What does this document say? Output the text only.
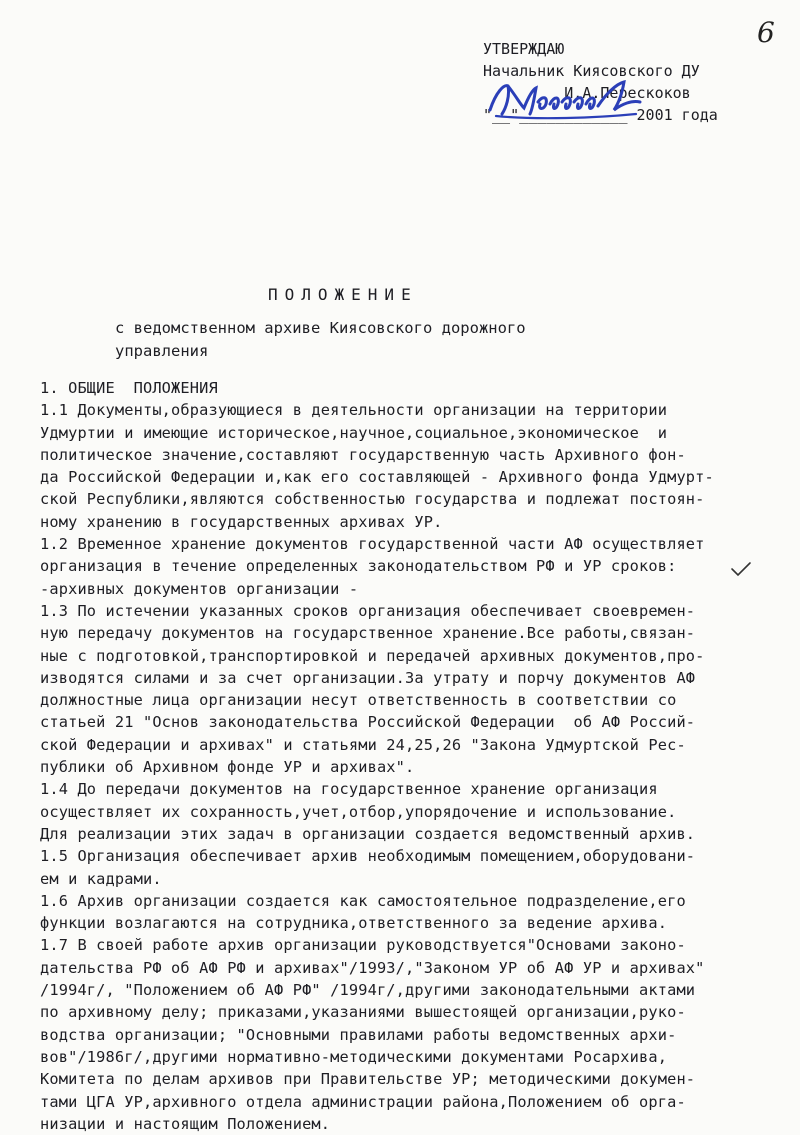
6
УТВЕРЖДАЮ
Начальник Киясовского ДУ
И.А.Перескоков
"__"____________ 2001 года
ПОЛОЖЕНИЕ
с ведомственном архиве Киясовского дорожного
управления
1. ОБЩИЕ  ПОЛОЖЕНИЯ
1.1 Документы,образующиеся в деятельности организации на территории
Удмуртии и имеющие историческое,научное,социальное,экономическое  и
политическое значение,составляют государственную часть Архивного фон-
да Российской Федерации и,как его составляющей - Архивного фонда Удмурт-
ской Республики,являются собственностью государства и подлежат постоян-
ному хранению в государственных архивах УР.
1.2 Временное хранение документов государственной части АФ осуществляет
организация в течение определенных законодательством РФ и УР сроков:
-архивных документов организации -
1.3 По истечении указанных сроков организация обеспечивает своевремен-
ную передачу документов на государственное хранение.Все работы,связан-
ные с подготовкой,транспортировкой и передачей архивных документов,про-
изводятся силами и за счет организации.За утрату и порчу документов АФ
должностные лица организации несут ответственность в соответствии со
статьей 21 "Основ законодательства Российской Федерации  об АФ Россий-
ской Федерации и архивах" и статьями 24,25,26 "Закона Удмуртской Рес-
публики об Архивном фонде УР и архивах".
1.4 До передачи документов на государственное хранение организация
осуществляет их сохранность,учет,отбор,упорядочение и использование.
Для реализации этих задач в организации создается ведомственный архив.
1.5 Организация обеспечивает архив необходимым помещением,оборудовани-
ем и кадрами.
1.6 Архив организации создается как самостоятельное подразделение,его
функции возлагаются на сотрудника,ответственного за ведение архива.
1.7 В своей работе архив организации руководствуется"Основами законо-
дательства РФ об АФ РФ и архивах"/1993/,"Законом УР об АФ УР и архивах"
/1994г/, "Положением об АФ РФ" /1994г/,другими законодательными актами
по архивному делу; приказами,указаниями вышестоящей организации,руко-
водства организации; "Основными правилами работы ведомственных архи-
вов"/1986г/,другими нормативно-методическими документами Росархива,
Комитета по делам архивов при Правительстве УР; методическими докумен-
тами ЦГА УР,архивного отдела администрации района,Положением об орга-
низации и настоящим Положением.
